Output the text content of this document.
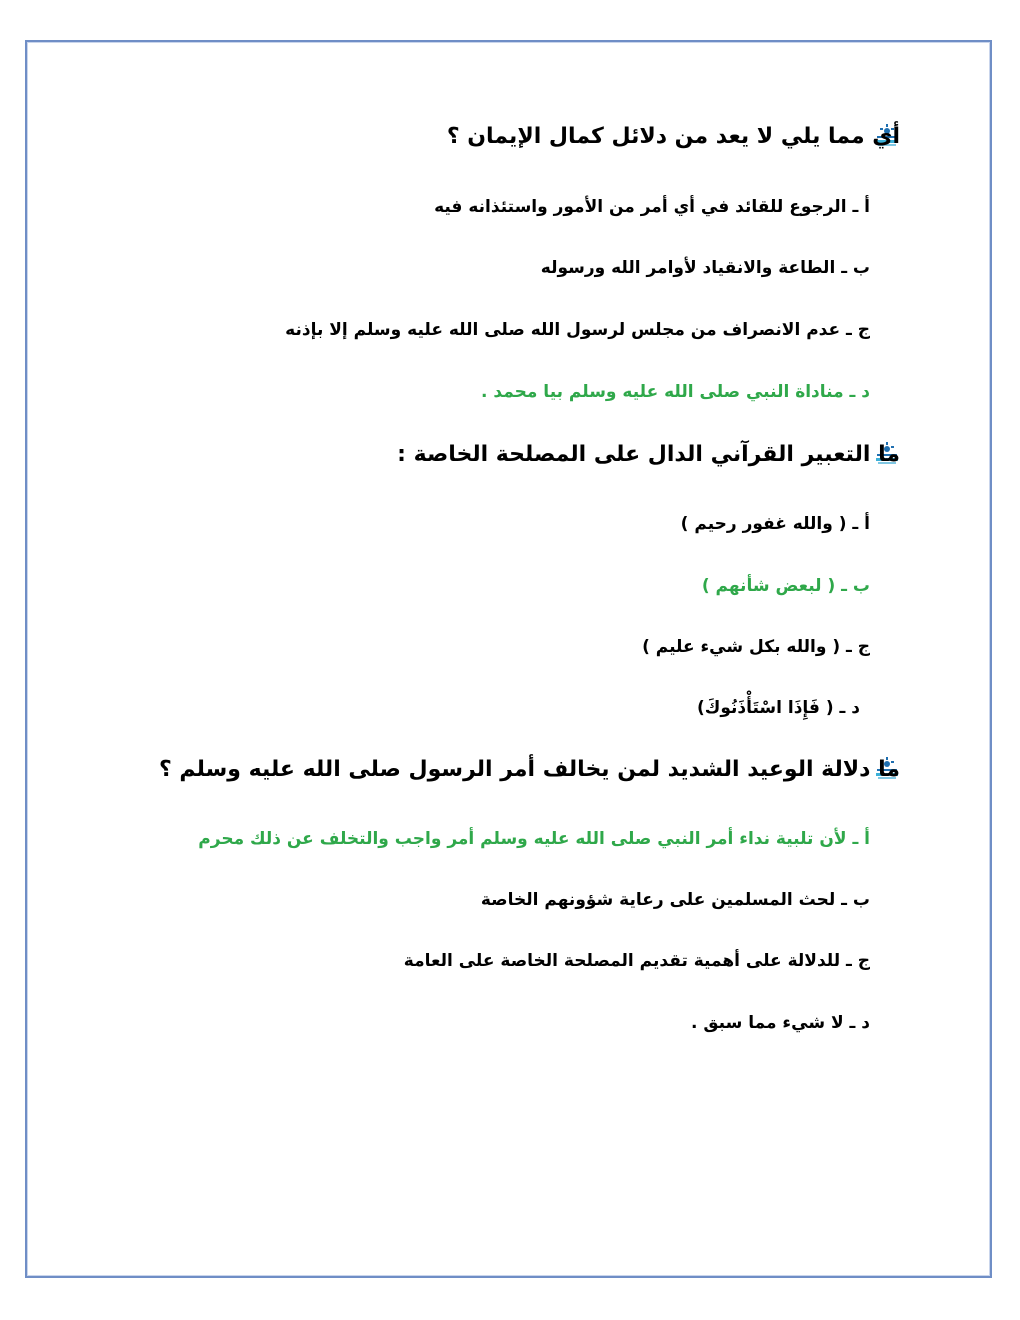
أي مما يلي لا يعد من دلائل كمال الإيمان ؟
أ ـ الرجوع للقائد في أي أمر من الأمور واستئذانه فيه
ب ـ الطاعة والانقياد لأوامر الله ورسوله
ج ـ عدم الانصراف من مجلس لرسول الله صلى الله عليه وسلم إلا بإذنه
د ـ مناداة النبي صلى الله عليه وسلم بيا محمد .
ما التعبير القرآني الدال على المصلحة الخاصة :
أ ـ ( والله غفور رحيم )
ب ـ ( لبعض شأنهم )
ج ـ ( والله بكل شيء عليم )
د ـ ( فَإِذَا اسْتَأْذَنُوكَ)
ما دلالة الوعيد الشديد لمن يخالف أمر الرسول صلى الله عليه وسلم ؟
أ ـ لأن تلبية نداء أمر النبي صلى الله عليه وسلم أمر واجب والتخلف عن ذلك محرم
ب ـ لحث المسلمين على رعاية شؤونهم الخاصة
ج ـ للدلالة على أهمية تقديم المصلحة الخاصة على العامة
د ـ لا شيء مما سبق .
